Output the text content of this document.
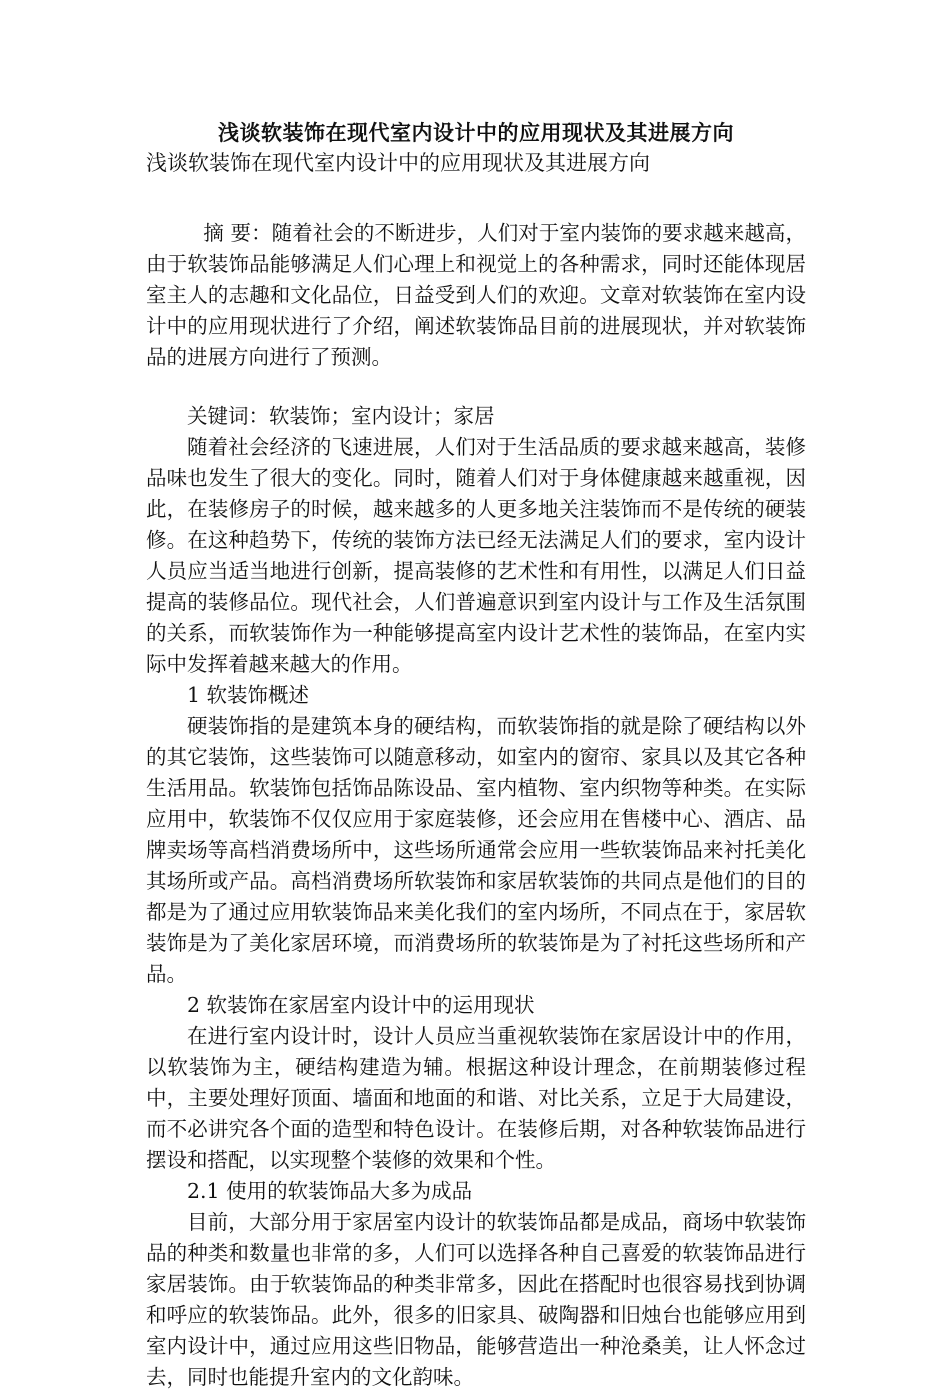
浅谈软装饰在现代室内设计中的应用现状及其进展方向

浅谈软装饰在现代室内设计中的应用现状及其进展方向

摘 要：随着社会的不断进步，人们对于室内装饰的要求越来越高，由于软装饰品能够满足人们心理上和视觉上的各种需求，同时还能体现居室主人的志趣和文化品位，日益受到人们的欢迎。文章对软装饰在室内设计中的应用现状进行了介绍，阐述软装饰品目前的进展现状，并对软装饰品的进展方向进行了预测。

关键词：软装饰；室内设计；家居

随着社会经济的飞速进展，人们对于生活品质的要求越来越高，装修品味也发生了很大的变化。同时，随着人们对于身体健康越来越重视，因此，在装修房子的时候，越来越多的人更多地关注装饰而不是传统的硬装修。在这种趋势下，传统的装饰方法已经无法满足人们的要求，室内设计人员应当适当地进行创新，提高装修的艺术性和有用性，以满足人们日益提高的装修品位。现代社会，人们普遍意识到室内设计与工作及生活氛围的关系，而软装饰作为一种能够提高室内设计艺术性的装饰品，在室内实际中发挥着越来越大的作用。

1 软装饰概述

硬装饰指的是建筑本身的硬结构，而软装饰指的就是除了硬结构以外的其它装饰，这些装饰可以随意移动，如室内的窗帘、家具以及其它各种生活用品。软装饰包括饰品陈设品、室内植物、室内织物等种类。在实际应用中，软装饰不仅仅应用于家庭装修，还会应用在售楼中心、酒店、品牌卖场等高档消费场所中，这些场所通常会应用一些软装饰品来衬托美化其场所或产品。高档消费场所软装饰和家居软装饰的共同点是他们的目的都是为了通过应用软装饰品来美化我们的室内场所，不同点在于，家居软装饰是为了美化家居环境，而消费场所的软装饰是为了衬托这些场所和产品。

2 软装饰在家居室内设计中的运用现状

在进行室内设计时，设计人员应当重视软装饰在家居设计中的作用，以软装饰为主，硬结构建造为辅。根据这种设计理念，在前期装修过程中，主要处理好顶面、墙面和地面的和谐、对比关系，立足于大局建设，而不必讲究各个面的造型和特色设计。在装修后期，对各种软装饰品进行摆设和搭配，以实现整个装修的效果和个性。

2.1 使用的软装饰品大多为成品

目前，大部分用于家居室内设计的软装饰品都是成品，商场中软装饰品的种类和数量也非常的多，人们可以选择各种自己喜爱的软装饰品进行家居装饰。由于软装饰品的种类非常多，因此在搭配时也很容易找到协调和呼应的软装饰品。此外，很多的旧家具、破陶器和旧烛台也能够应用到室内设计中，通过应用这些旧物品，能够营造出一种沧桑美，让人怀念过去，同时也能提升室内的文化韵味。
